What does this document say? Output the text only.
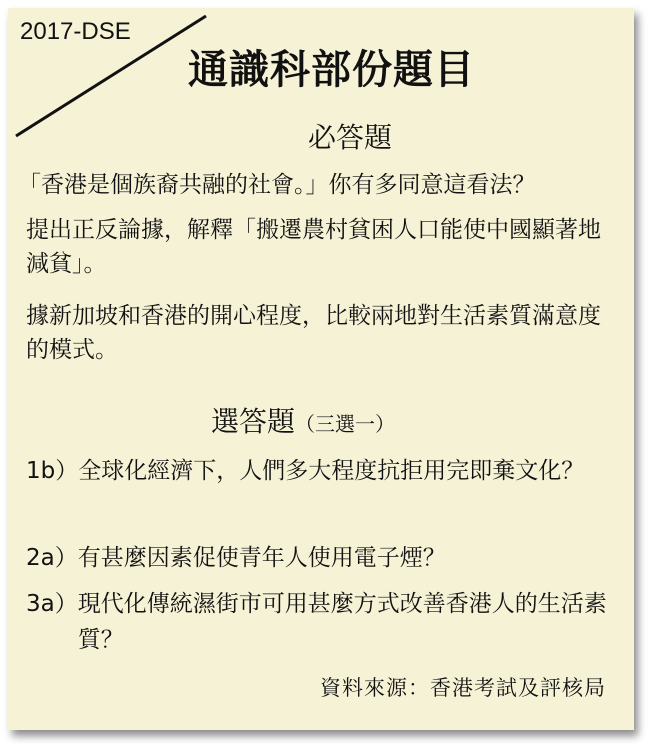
2017-DSE
通識科部份題目
必答題
「香港是個族裔共融的社會。」你有多同意這看法？
提出正反論據，解釋「搬遷農村貧困人口能使中國顯著地減貧」。
據新加坡和香港的開心程度，比較兩地對生活素質滿意度的模式。
選答題（三選一）
1b） 全球化經濟下，人們多大程度抗拒用完即棄文化？
2a） 有甚麼因素促使青年人使用電子煙？
3a） 現代化傳統濕街市可用甚麼方式改善香港人的生活素質？
資料來源：香港考試及評核局
